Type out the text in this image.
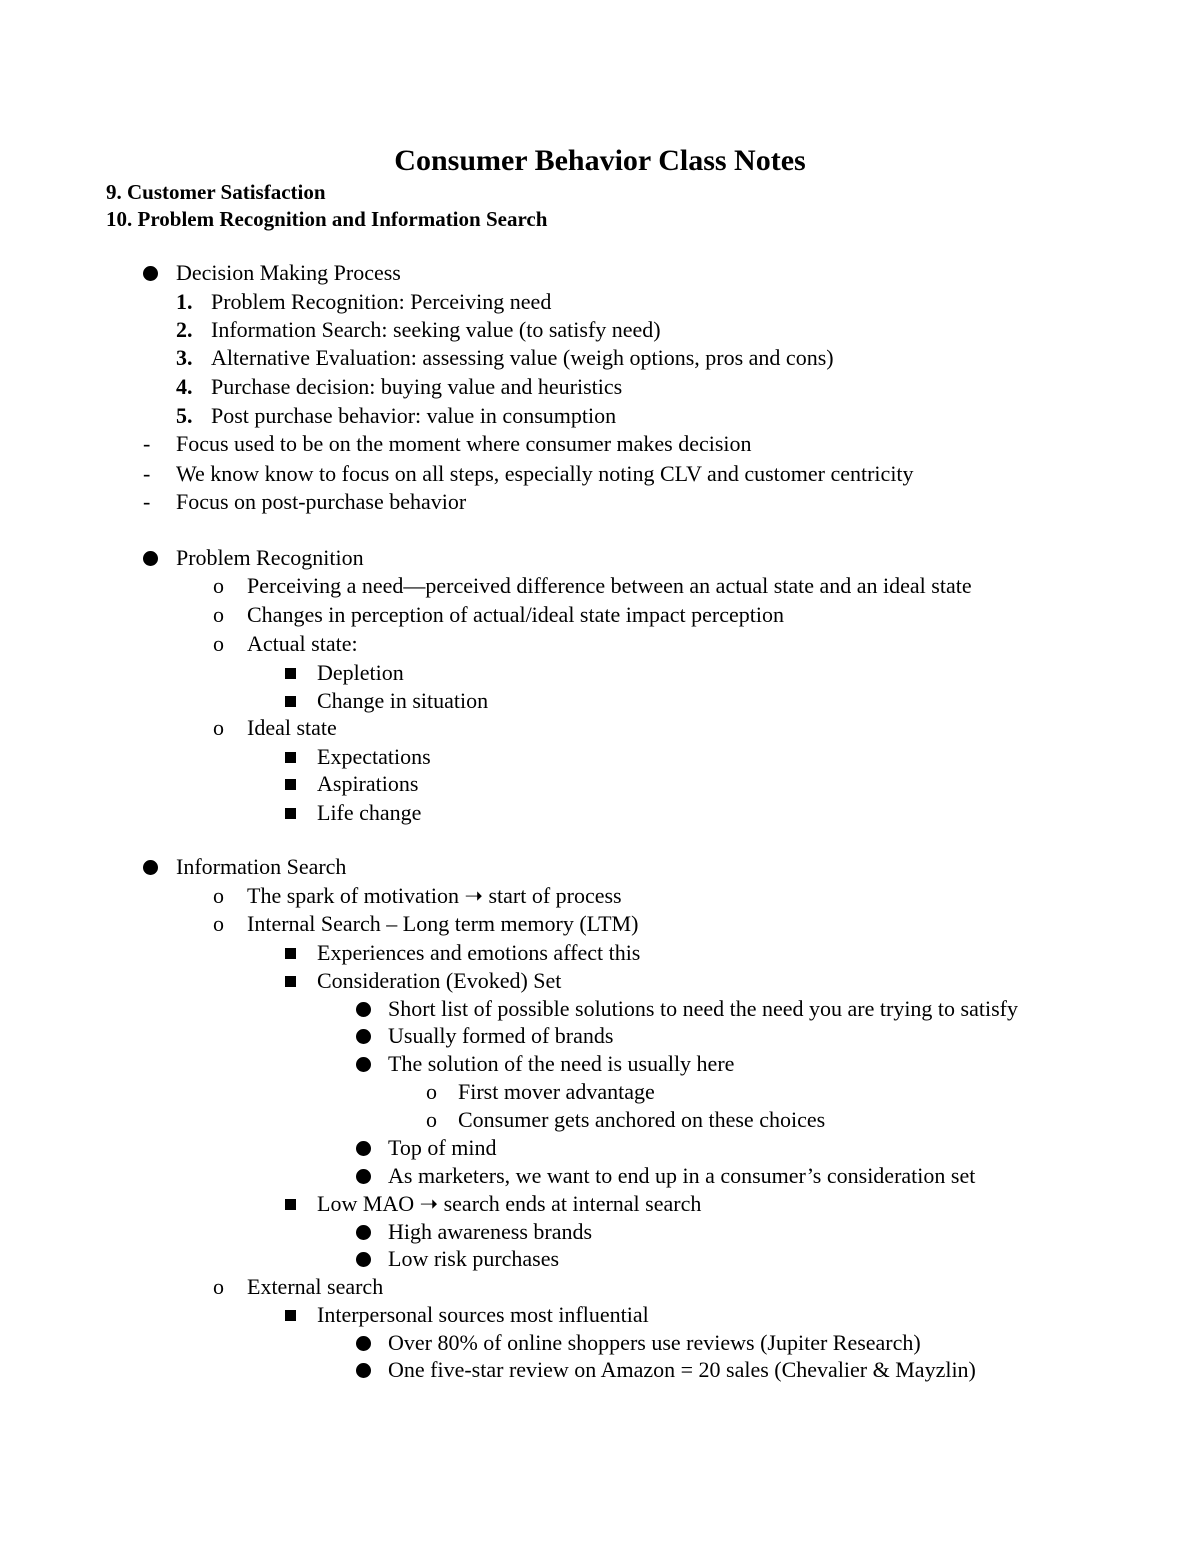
Consumer Behavior Class Notes
9. Customer Satisfaction
10. Problem Recognition and Information Search
Decision Making Process
1. Problem Recognition: Perceiving need
2. Information Search: seeking value (to satisfy need)
3. Alternative Evaluation: assessing value (weigh options, pros and cons)
4. Purchase decision: buying value and heuristics
5. Post purchase behavior: value in consumption
- Focus used to be on the moment where consumer makes decision
- We know know to focus on all steps, especially noting CLV and customer centricity
- Focus on post-purchase behavior
Problem Recognition
o Perceiving a need—perceived difference between an actual state and an ideal state
o Changes in perception of actual/ideal state impact perception
o Actual state:
Depletion
Change in situation
o Ideal state
Expectations
Aspirations
Life change
Information Search
o The spark of motivation ➝ start of process
o Internal Search – Long term memory (LTM)
Experiences and emotions affect this
Consideration (Evoked) Set
Short list of possible solutions to need the need you are trying to satisfy
Usually formed of brands
The solution of the need is usually here
o First mover advantage
o Consumer gets anchored on these choices
Top of mind
As marketers, we want to end up in a consumer’s consideration set
Low MAO ➝ search ends at internal search
High awareness brands
Low risk purchases
o External search
Interpersonal sources most influential
Over 80% of online shoppers use reviews (Jupiter Research)
One five-star review on Amazon = 20 sales (Chevalier & Mayzlin)
